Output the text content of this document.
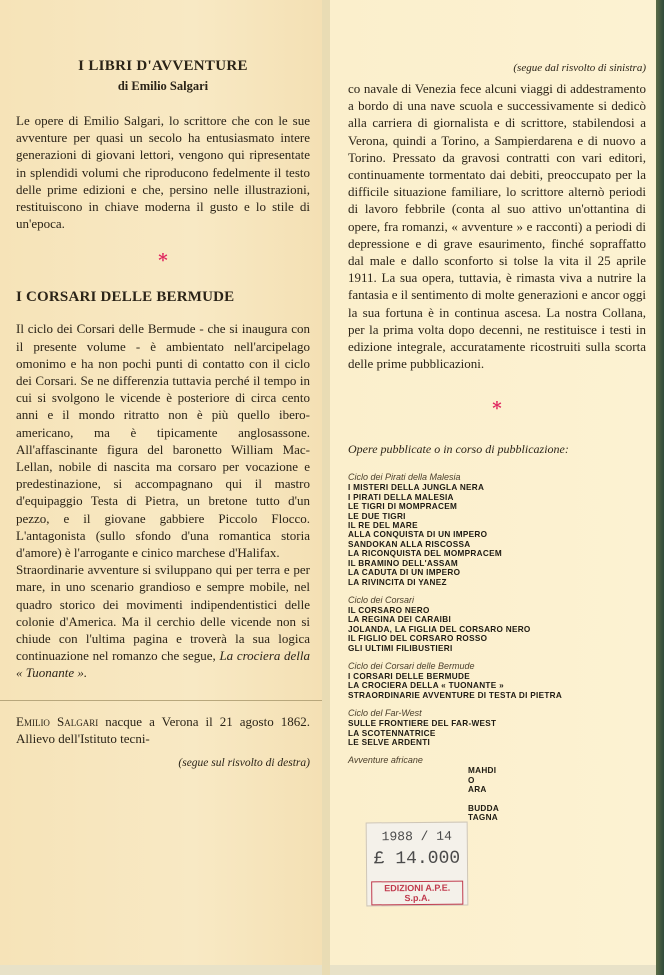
I LIBRI D'AVVENTURE
di Emilio Salgari

Le opere di Emilio Salgari, lo scrittore che con le sue avventure per quasi un secolo ha entusiasmato intere generazioni di giovani lettori, vengono qui ripresentate in splendidi volumi che riproducono fedelmente il testo delle prime edizioni e che, persino nelle illustrazioni, restituiscono in chiave moderna il gusto e lo stile di un'epoca.

*
I CORSARI DELLE BERMUDE

Il ciclo dei Corsari delle Bermude - che si inaugura con il presente volume - è ambientato nell'arcipelago omonimo e ha non pochi punti di contatto con il ciclo dei Corsari. Se ne differenzia tuttavia perché il tempo in cui si svolgono le vicende è posteriore di circa cento anni e il mondo ritratto non è più quello ibero-americano, ma è tipicamente anglosassone. All'affascinante figura del baronetto William Mac-Lellan, nobile di nascita ma corsaro per vocazione e predestinazione, si accompagnano qui il mastro d'equipaggio Testa di Pietra, un bretone tutto d'un pezzo, e il giovane gabbiere Piccolo Flocco. L'antagonista (sullo sfondo d'una romantica storia d'amore) è l'arrogante e cinico marchese d'Halifax.

Straordinarie avventure si sviluppano qui per terra e per mare, in uno scenario grandioso e sempre mobile, nel quadro storico dei movimenti indipendentistici delle colonie d'America. Ma il cerchio delle vicende non si chiude con l'ultima pagina e troverà la sua logica continuazione nel romanzo che segue, La crociera della « Tuonante ».

Emilio Salgari nacque a Verona il 21 agosto 1862. Allievo dell'Istituto tecni-

(segue sul risvolto di destra)
(segue dal risvolto di sinistra)

co navale di Venezia fece alcuni viaggi di addestramento a bordo di una nave scuola e successivamente si dedicò alla carriera di giornalista e di scrittore, stabilendosi a Verona, quindi a Torino, a Sampierdarena e di nuovo a Torino. Pressato da gravosi contratti con vari editori, continuamente tormentato dai debiti, preoccupato per la difficile situazione familiare, lo scrittore alternò periodi di lavoro febbrile (conta al suo attivo un'ottantina di opere, fra romanzi, « avventure » e racconti) a periodi di depressione e di grave esaurimento, finché sopraffatto dal male e dallo sconforto si tolse la vita il 25 aprile 1911. La sua opera, tuttavia, è rimasta viva a nutrire la fantasia e il sentimento di molte generazioni e ancor oggi la sua fortuna è in continua ascesa. La nostra Collana, per la prima volta dopo decenni, ne restituisce i testi in edizione integrale, accuratamente ricostruiti sulla scorta delle prime pubblicazioni.

*
Opere pubblicate o in corso di pubblicazione:
Ciclo dei Pirati della Malesia
I MISTERI DELLA JUNGLA NERA
I PIRATI DELLA MALESIA
LE TIGRI DI MOMPRACEM
LE DUE TIGRI
IL RE DEL MARE
ALLA CONQUISTA DI UN IMPERO
SANDOKAN ALLA RISCOSSA
LA RICONQUISTA DEL MOMPRACEM
IL BRAMINO DELL'ASSAM
LA CADUTA DI UN IMPERO
LA RIVINCITA DI YANEZ
Ciclo dei Corsari
IL CORSARO NERO
LA REGINA DEI CARAIBI
JOLANDA, LA FIGLIA DEL CORSARO NERO
IL FIGLIO DEL CORSARO ROSSO
GLI ULTIMI FILIBUSTIERI
Ciclo dei Corsari delle Bermude
I CORSARI DELLE BERMUDE
LA CROCIERA DELLA « TUONANTE »
STRAORDINARIE AVVENTURE DI TESTA DI PIETRA
Ciclo del Far-West
SULLE FRONTIERE DEL FAR-WEST
LA SCOTENNATRICE
LE SELVE ARDENTI
Avventure africane
MAHDI
O
ARA

BUDDA
TAGNA
1988 / 14
£ 14.000
EDIZIONI A.P.E. S.p.A.
